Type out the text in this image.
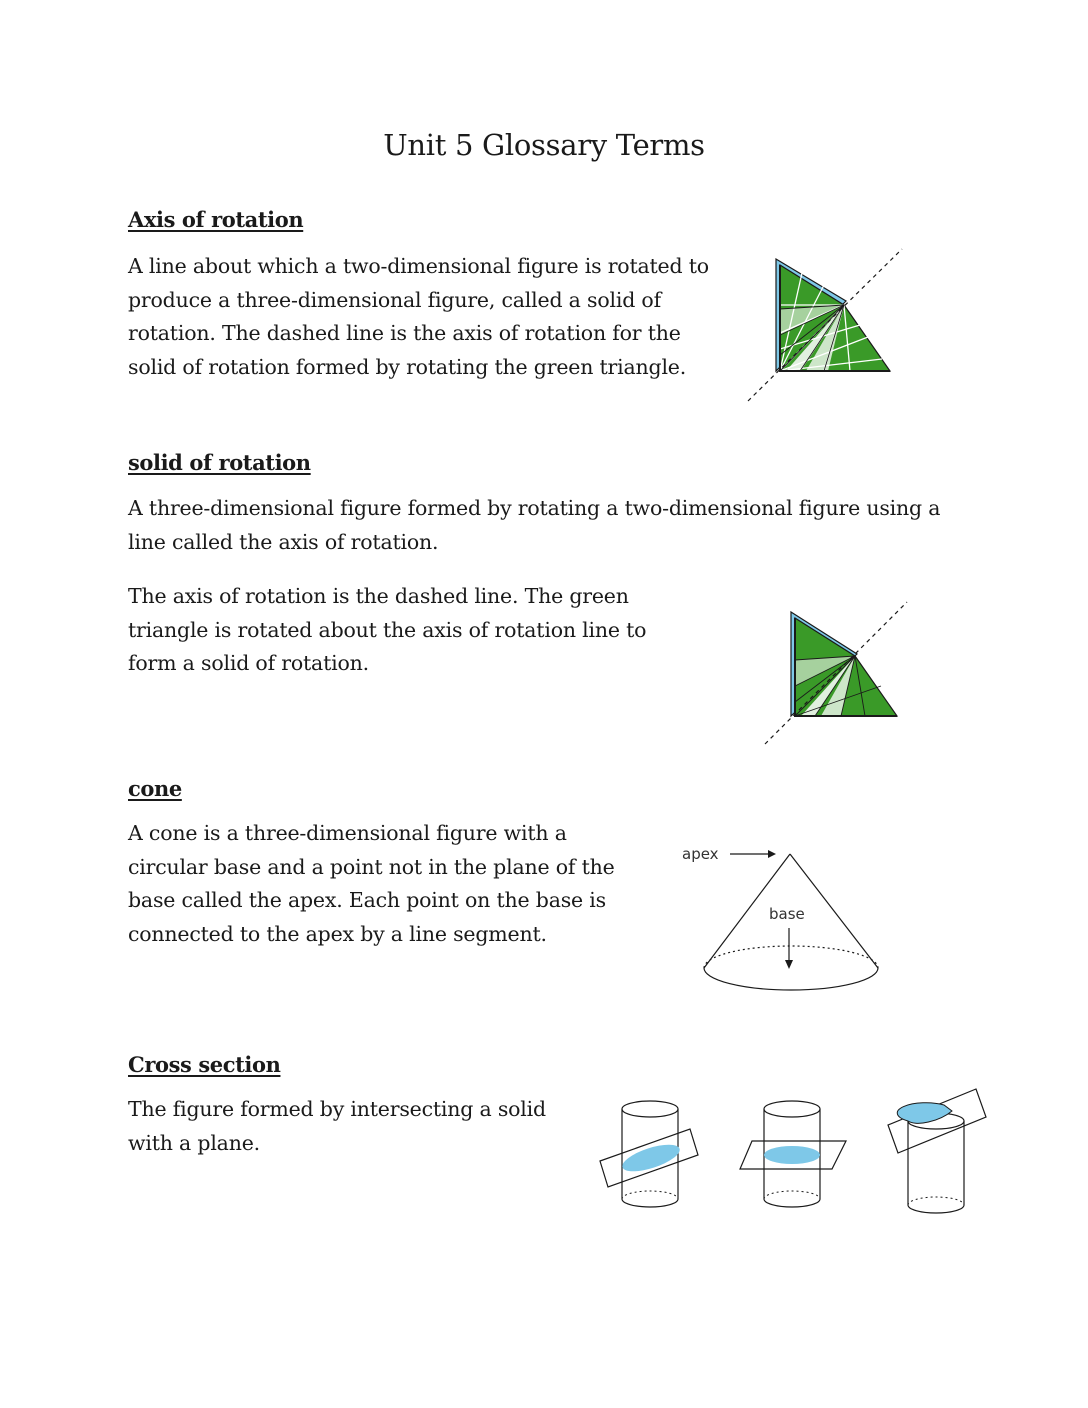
Unit 5 Glossary Terms
Axis of rotation

A line about which a two-dimensional figure is rotated to produce a three-dimensional figure, called a solid of rotation. The dashed line is the axis of rotation for the solid of rotation formed by rotating the green triangle.

solid of rotation

A three-dimensional figure formed by rotating a two-dimensional figure using a line called the axis of rotation.

The axis of rotation is the dashed line. The green triangle is rotated about the axis of rotation line to form a solid of rotation.

cone

A cone is a three-dimensional figure with a circular base and a point not in the plane of the base called the apex. Each point on the base is connected to the apex by a line segment.

apex
base
Cross section

The figure formed by intersecting a solid with a plane.
